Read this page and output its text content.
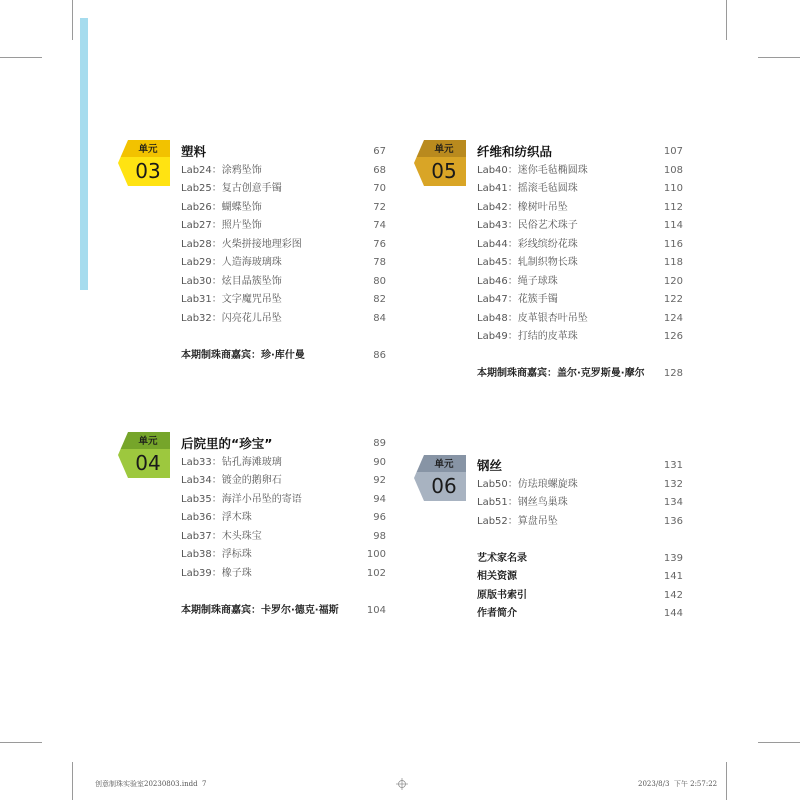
单元
03
塑料	67
Lab24：涂鸦坠饰	68
Lab25：复古创意手镯	70
Lab26：蝴蝶坠饰	72
Lab27：照片坠饰	74
Lab28：火柴拼接地理彩图	76
Lab29：人造海玻璃珠	78
Lab30：炫目晶簇坠饰	80
Lab31：文字魔咒吊坠	82
Lab32：闪亮花儿吊坠	84
本期制珠商嘉宾：珍·库什曼	86
单元
04
后院里的“珍宝”	89
Lab33：钻孔海滩玻璃	90
Lab34：镀金的鹅卵石	92
Lab35：海洋小吊坠的寄语	94
Lab36：浮木珠	96
Lab37：木头珠宝	98
Lab38：浮标珠	100
Lab39：橡子珠	102
本期制珠商嘉宾：卡罗尔·德克·福斯	104
单元
05
纤维和纺织品	107
Lab40：迷你毛毡椭圆珠	108
Lab41：摇滚毛毡圆珠	110
Lab42：橡树叶吊坠	112
Lab43：民俗艺术珠子	114
Lab44：彩线缤纷花珠	116
Lab45：轧制织物长珠	118
Lab46：绳子球珠	120
Lab47：花簇手镯	122
Lab48：皮革银杏叶吊坠	124
Lab49：打结的皮革珠	126
本期制珠商嘉宾：盖尔·克罗斯曼·摩尔 128
单元
06
钢丝	131
Lab50：仿珐琅螺旋珠	132
Lab51：钢丝鸟巢珠	134
Lab52：算盘吊坠	136
艺术家名录	139
相关资源	141
原版书索引	142
作者简介	144
创意制珠实验室20230803.indd  7	2023/8/3  下午 2:57:22
